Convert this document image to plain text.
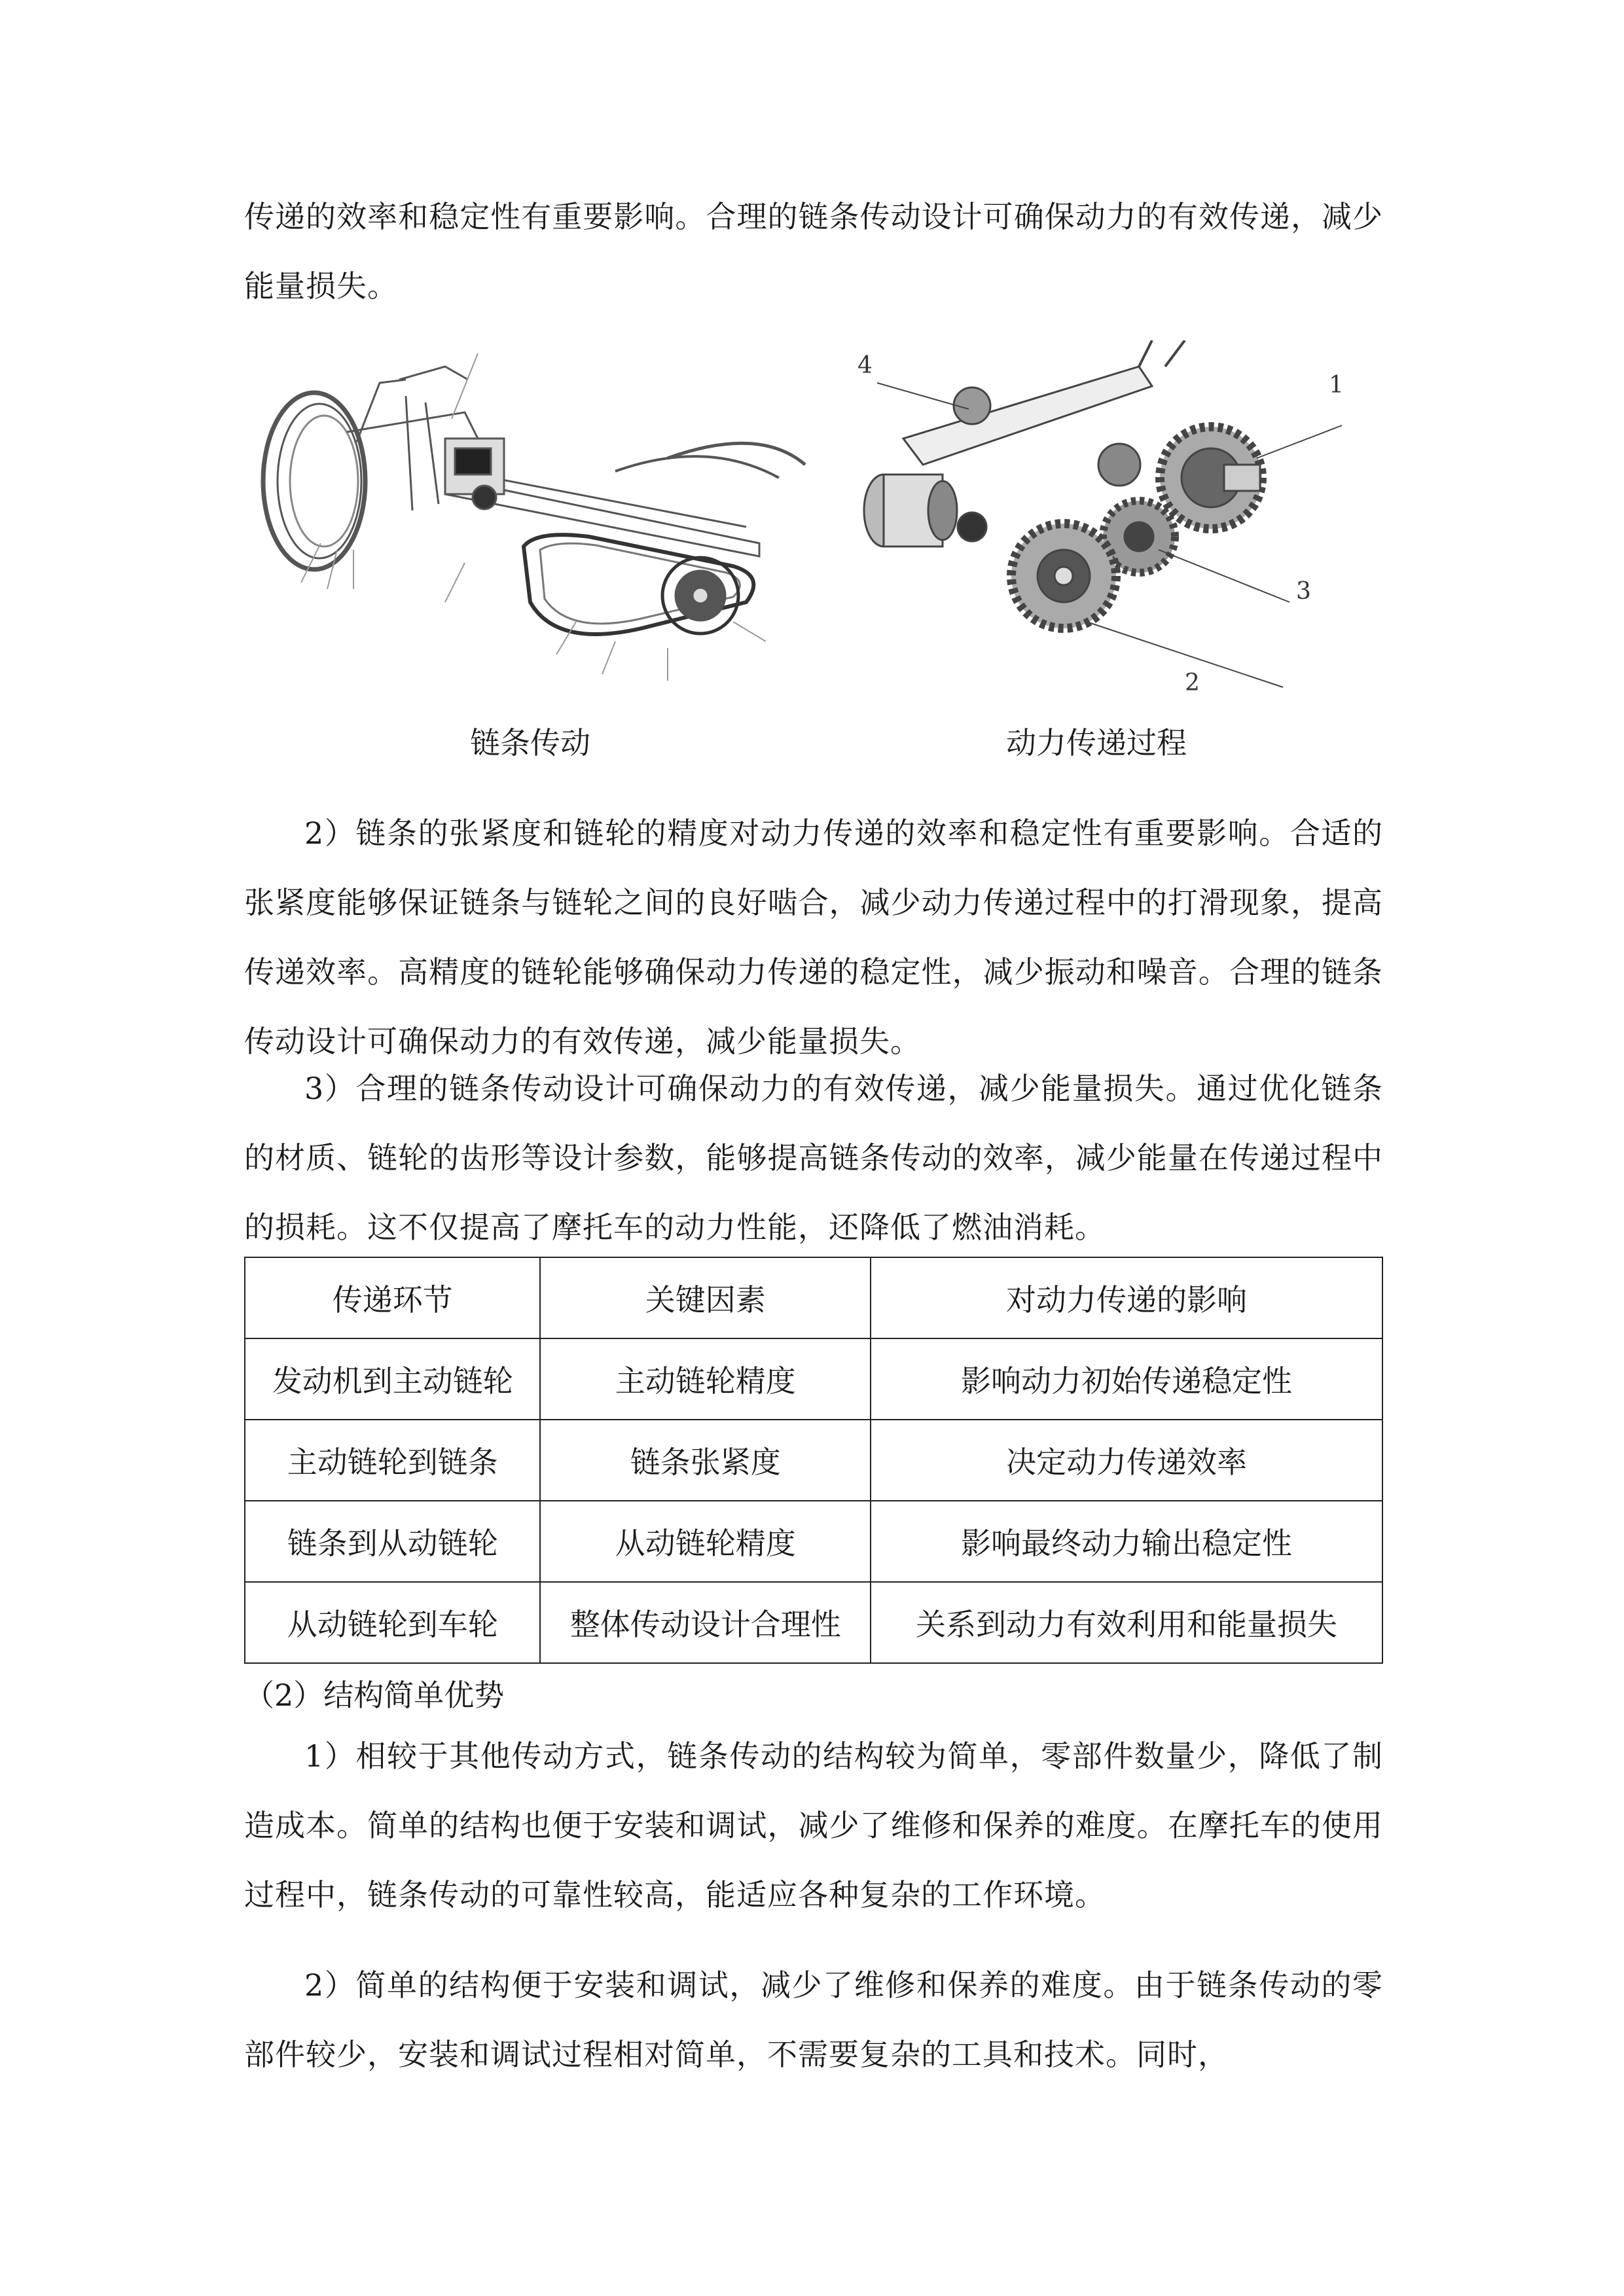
传递的效率和稳定性有重要影响。合理的链条传动设计可确保动力的有效传递，减少能量损失。

4
1
3
2
链条传动	动力传递过程

2）链条的张紧度和链轮的精度对动力传递的效率和稳定性有重要影响。合适的张紧度能够保证链条与链轮之间的良好啮合，减少动力传递过程中的打滑现象，提高传递效率。高精度的链轮能够确保动力传递的稳定性，减少振动和噪音。合理的链条传动设计可确保动力的有效传递，减少能量损失。

3）合理的链条传动设计可确保动力的有效传递，减少能量损失。通过优化链条的材质、链轮的齿形等设计参数，能够提高链条传动的效率，减少能量在传递过程中的损耗。这不仅提高了摩托车的动力性能，还降低了燃油消耗。

传递环节	关键因素	对动力传递的影响
发动机到主动链轮	主动链轮精度	影响动力初始传递稳定性
主动链轮到链条	链条张紧度	决定动力传递效率
链条到从动链轮	从动链轮精度	影响最终动力输出稳定性
从动链轮到车轮	整体传动设计合理性	关系到动力有效利用和能量损失
（2）结构简单优势

1）相较于其他传动方式，链条传动的结构较为简单，零部件数量少，降低了制造成本。简单的结构也便于安装和调试，减少了维修和保养的难度。在摩托车的使用过程中，链条传动的可靠性较高，能适应各种复杂的工作环境。

2）简单的结构便于安装和调试，减少了维修和保养的难度。由于链条传动的零部件较少，安装和调试过程相对简单，不需要复杂的工具和技术。同时，
